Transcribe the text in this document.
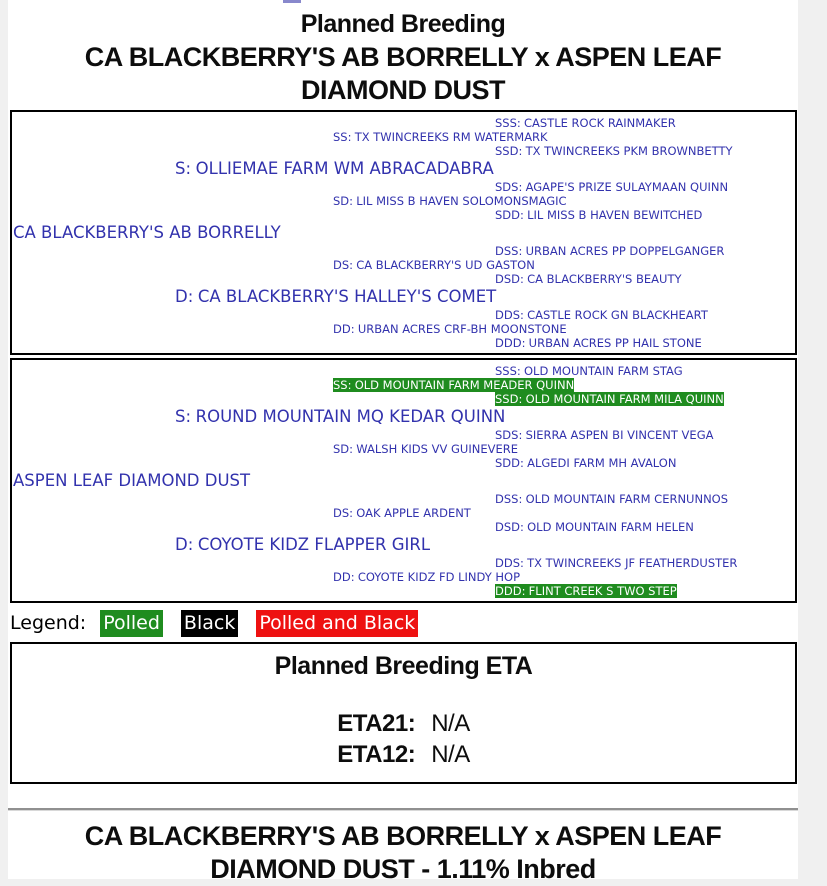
Planned Breeding
CA BLACKBERRY'S AB BORRELLY x ASPEN LEAF DIAMOND DUST
SSS: CASTLE ROCK RAINMAKER
SS: TX TWINCREEKS RM WATERMARK
SSD: TX TWINCREEKS PKM BROWNBETTY
S: OLLIEMAE FARM WM ABRACADABRA
SDS: AGAPE'S PRIZE SULAYMAAN QUINN
SD: LIL MISS B HAVEN SOLOMONSMAGIC
SDD: LIL MISS B HAVEN BEWITCHED
CA BLACKBERRY'S AB BORRELLY
DSS: URBAN ACRES PP DOPPELGANGER
DS: CA BLACKBERRY'S UD GASTON
DSD: CA BLACKBERRY'S BEAUTY
D: CA BLACKBERRY'S HALLEY'S COMET
DDS: CASTLE ROCK GN BLACKHEART
DD: URBAN ACRES CRF-BH MOONSTONE
DDD: URBAN ACRES PP HAIL STONE
SSS: OLD MOUNTAIN FARM STAG
SS: OLD MOUNTAIN FARM MEADER QUINN
SSD: OLD MOUNTAIN FARM MILA QUINN
S: ROUND MOUNTAIN MQ KEDAR QUINN
SDS: SIERRA ASPEN BI VINCENT VEGA
SD: WALSH KIDS VV GUINEVERE
SDD: ALGEDI FARM MH AVALON
ASPEN LEAF DIAMOND DUST
DSS: OLD MOUNTAIN FARM CERNUNNOS
DS: OAK APPLE ARDENT
DSD: OLD MOUNTAIN FARM HELEN
D: COYOTE KIDZ FLAPPER GIRL
DDS: TX TWINCREEKS JF FEATHERDUSTER
DD: COYOTE KIDZ FD LINDY HOP
DDD: FLINT CREEK S TWO STEP
Legend: Polled Black Polled and Black
Planned Breeding ETA
ETA21: N/A
ETA12: N/A
CA BLACKBERRY'S AB BORRELLY x ASPEN LEAF DIAMOND DUST - 1.11% Inbred
